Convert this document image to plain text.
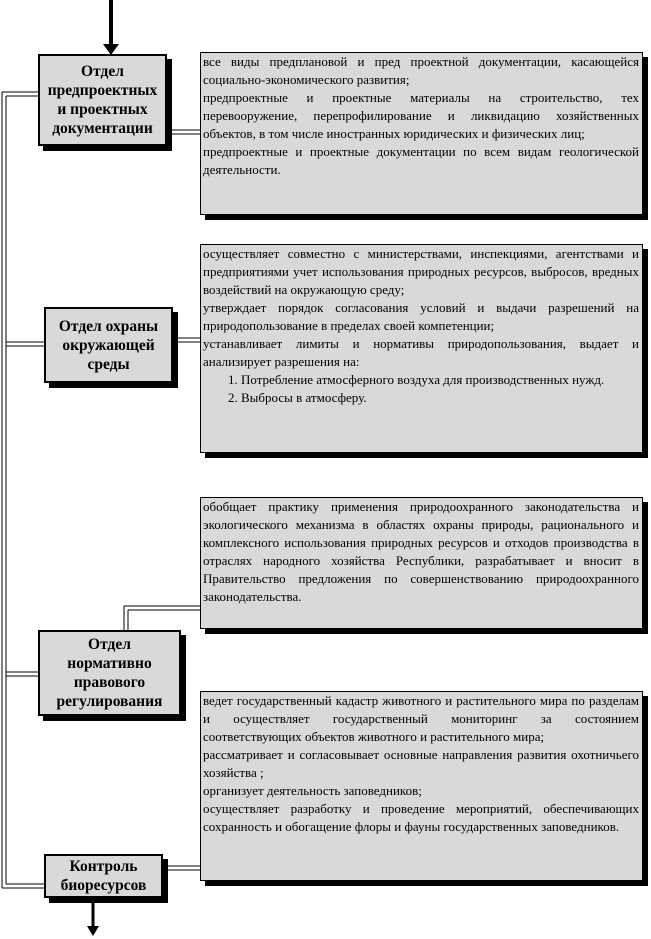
Отдел предпроектных и проектных документации
Отдел охраны окружающей среды
Отдел нормативно правового регулирования
Контроль биоресурсов

все виды предплановой и пред проектной документации, касающейся социально-экономического развития;

предпроектные и проектные материалы на строительство, тех перевооружение, перепрофилирование и ликвидацию хозяйственных объектов, в том числе иностранных юридических и физических лиц;

предпроектные и проектные документации по всем видам геологической деятельности.

осуществляет совместно с министерствами, инспекциями, агентствами и предприятиями учет использования природных ресурсов, выбросов, вредных воздействий на окружающую среду;

утверждает порядок согласования условий и выдачи разрешений на природопользование в пределах своей компетенции;

устанавливает лимиты и нормативы природопользования, выдает и анализирует разрешения на:

1. Потребление атмосферного воздуха для производственных нужд.
2. Выбросы в атмосферу.

обобщает практику применения природоохранного законодательства и экологического механизма в областях охраны природы, рационального и комплексного использования природных ресурсов и отходов производства в отраслях народного хозяйства Республики, разрабатывает и вносит в Правительство предложения по совершенствованию природоохранного законодательства.

ведет государственный кадастр животного и растительного мира по разделам и осуществляет государственный мониторинг за состоянием соответствующих объектов животного и растительного мира;

рассматривает и согласовывает основные направления развития охотничьего хозяйства ;

организует деятельность заповедников;

осуществляет разработку и проведение мероприятий, обеспечивающих сохранность и обогащение флоры и фауны государственных заповедников.
